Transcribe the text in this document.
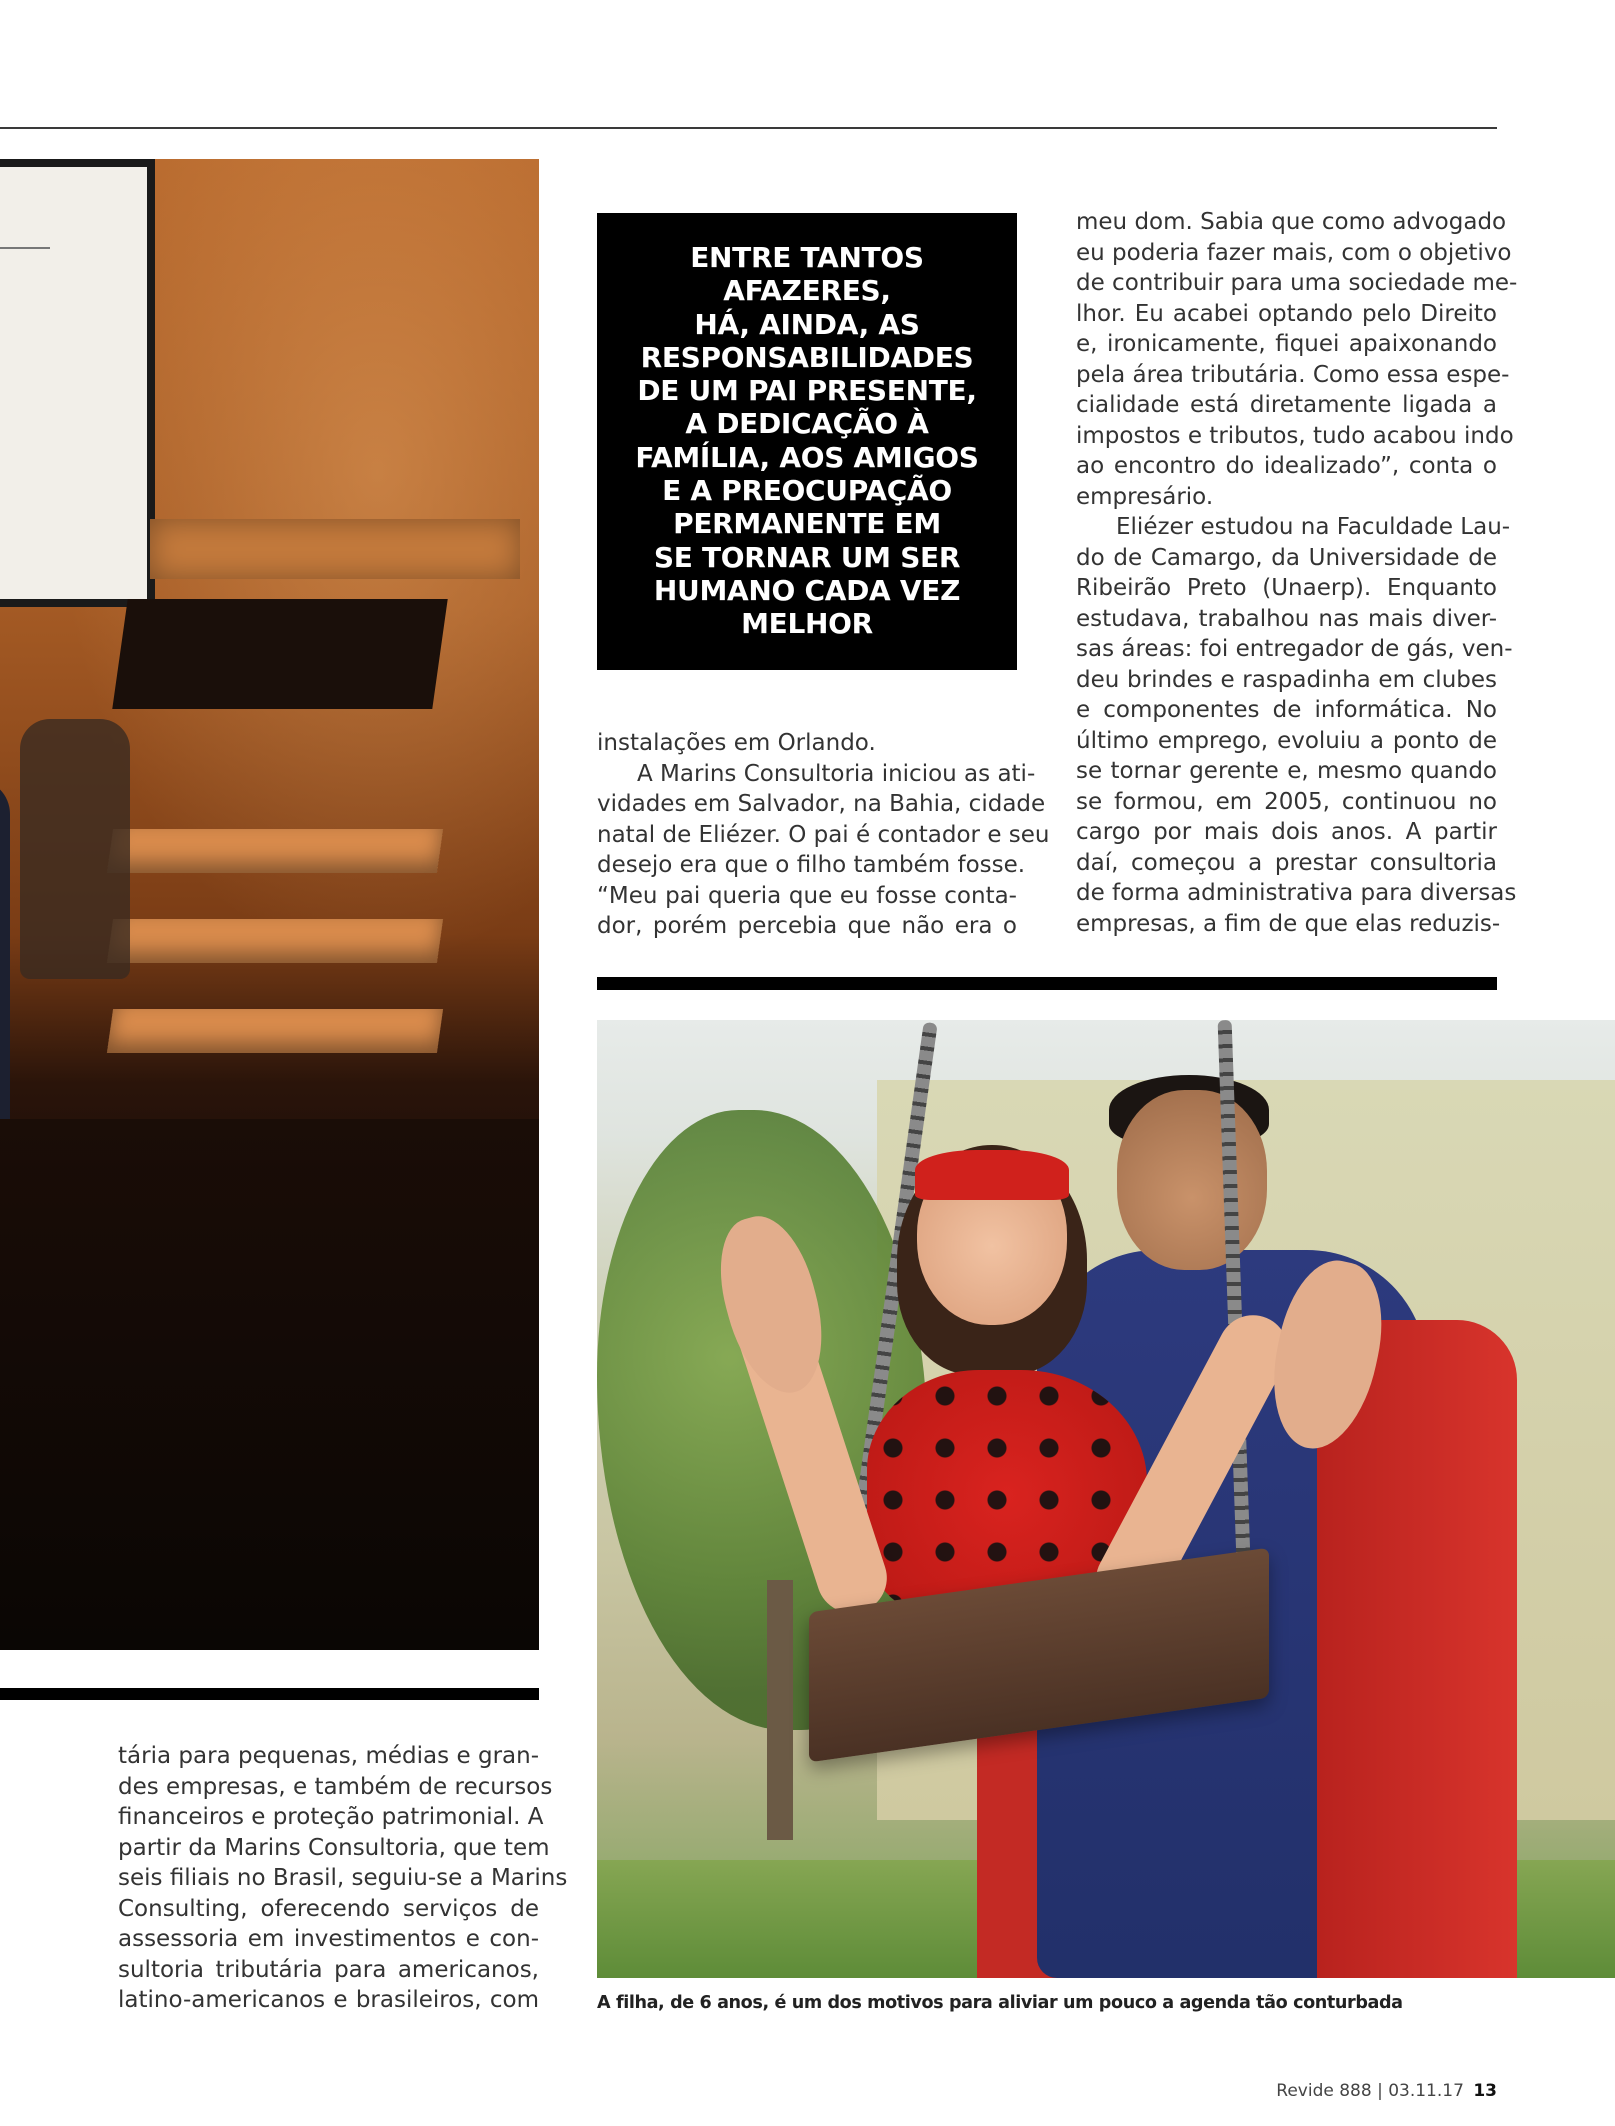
ENTRE TANTOS
AFAZERES,
HÁ, AINDA, AS
RESPONSABILIDADES
DE UM PAI PRESENTE,
A DEDICAÇÃO À
FAMÍLIA, AOS AMIGOS
E A PREOCUPAÇÃO
PERMANENTE EM
SE TORNAR UM SER
HUMANO CADA VEZ
MELHOR
meu dom. Sabia que como advogado
eu poderia fazer mais, com o objetivo
de contribuir para uma sociedade me-
lhor. Eu acabei optando pelo Direito
e, ironicamente, fiquei apaixonando
pela área tributária. Como essa espe-
cialidade está diretamente ligada a
impostos e tributos, tudo acabou indo
ao encontro do idealizado”, conta o
empresário.
Eliézer estudou na Faculdade Lau-
do de Camargo, da Universidade de
Ribeirão Preto (Unaerp). Enquanto
estudava, trabalhou nas mais diver-
sas áreas: foi entregador de gás, ven-
deu brindes e raspadinha em clubes
e componentes de informática. No
último emprego, evoluiu a ponto de
se tornar gerente e, mesmo quando
se formou, em 2005, continuou no
cargo por mais dois anos. A partir
daí, começou a prestar consultoria
de forma administrativa para diversas
empresas, a fim de que elas reduzis-
instalações em Orlando.
A Marins Consultoria iniciou as ati-
vidades em Salvador, na Bahia, cidade
natal de Eliézer. O pai é contador e seu
desejo era que o filho também fosse.
“Meu pai queria que eu fosse conta-
dor, porém percebia que não era o
tária para pequenas, médias e gran-
des empresas, e também de recursos
financeiros e proteção patrimonial. A
partir da Marins Consultoria, que tem
seis filiais no Brasil, seguiu-se a Marins
Consulting, oferecendo serviços de
assessoria em investimentos e con-
sultoria tributária para americanos,
latino-americanos e brasileiros, com	A filha, de 6 anos, é um dos motivos para aliviar um pouco a agenda tão conturbada
Revide 888 | 03.11.17 13
